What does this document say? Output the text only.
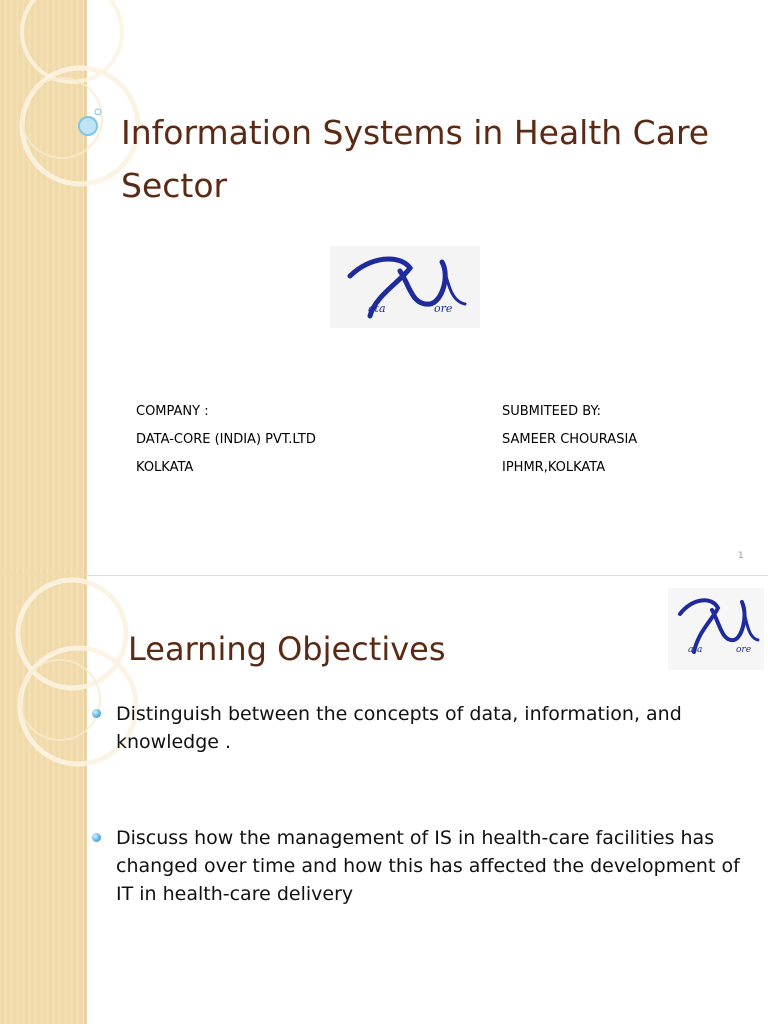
Information Systems in Health Care Sector
ata	ore
COMPANY :
DATA-CORE (INDIA) PVT.LTD
KOLKATA
SUBMITEED BY:
SAMEER CHOURASIA
IPHMR,KOLKATA
1
Learning Objectives	ata	ore
Distinguish between the concepts of data, information, and knowledge .
Discuss how the management of IS in health-care facilities has changed over time and how this has affected the development of IT in health-care delivery
